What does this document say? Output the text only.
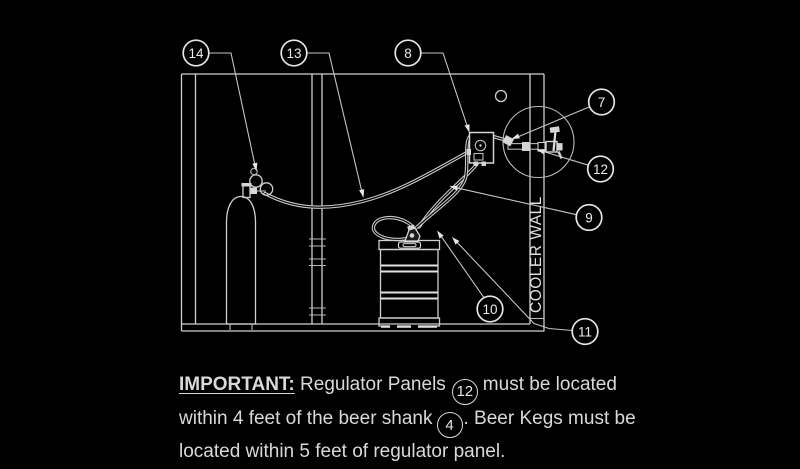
COOLER WALL
14	13	8
7
12
9
10
11
IMPORTANT: Regulator Panels 12 must be located
within 4 feet of the beer shank 4 . Beer Kegs must be
located within 5 feet of regulator panel.
